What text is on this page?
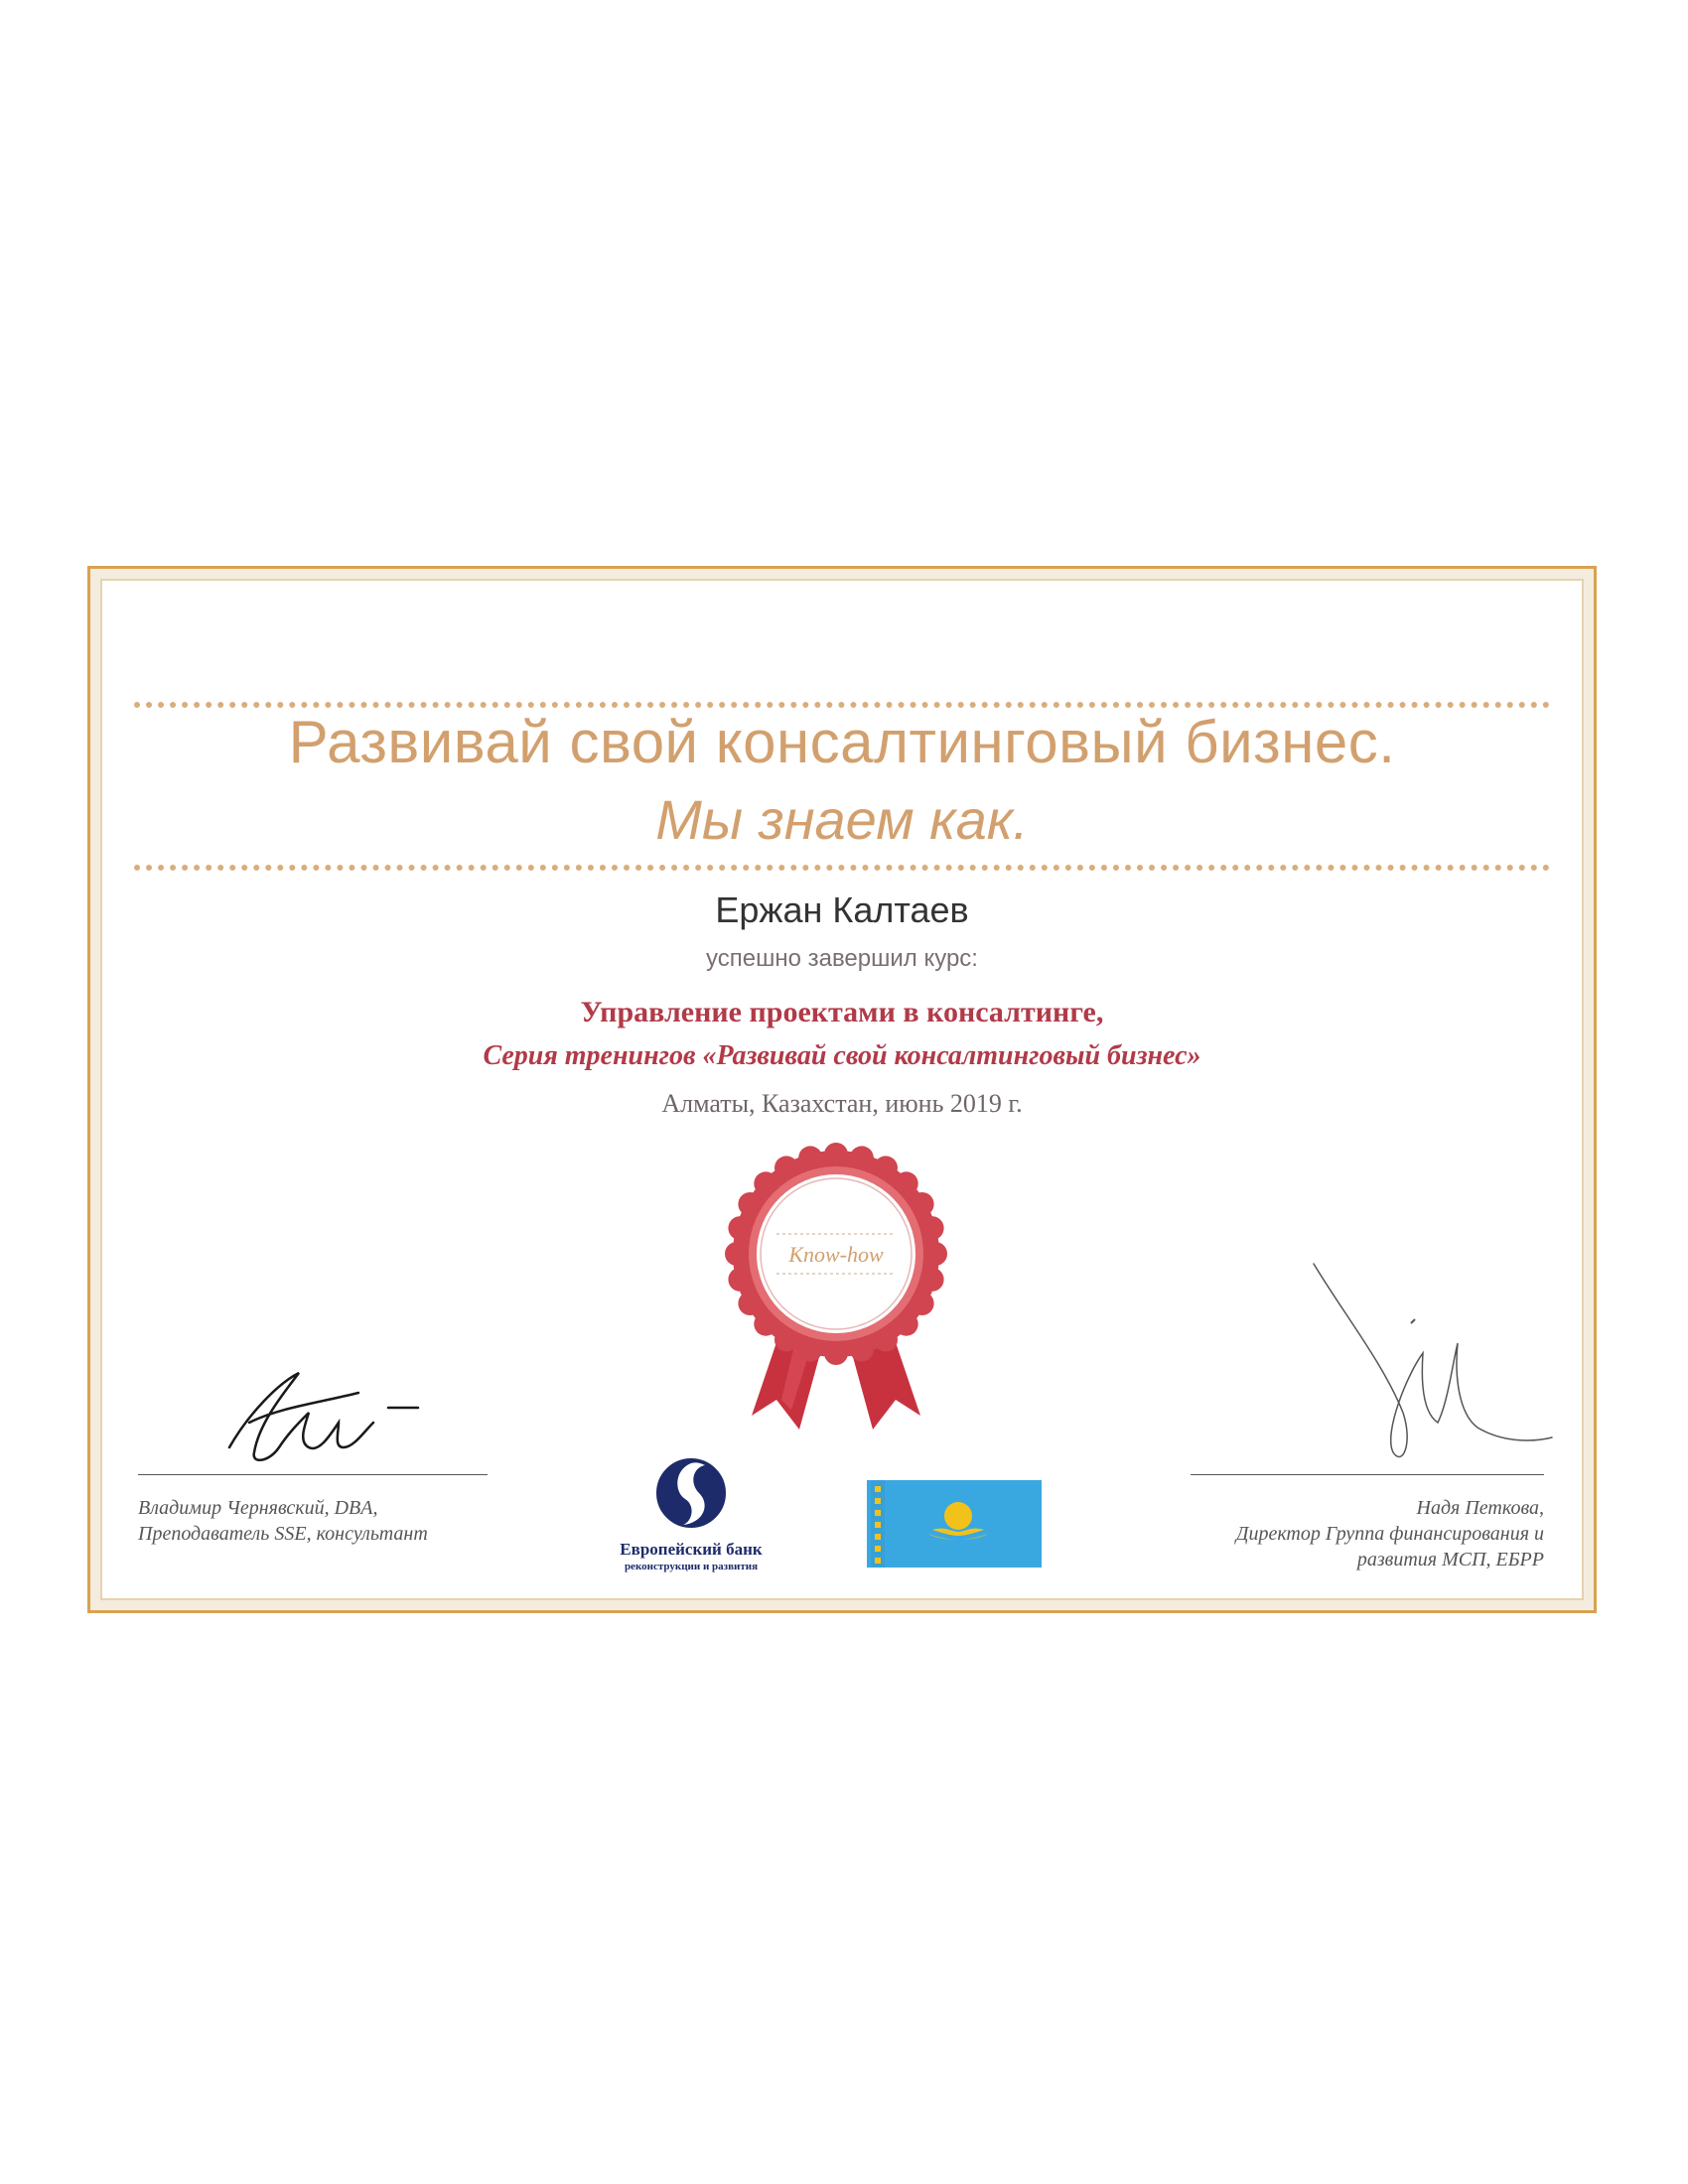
Развивай свой консалтинговый бизнес.
Мы знаем как.
Ержан Калтаев
успешно завершил курс:
Управление проектами в консалтинге,
Серия тренингов «Развивай свой консалтинговый бизнес»
Алматы, Казахстан, июнь 2019 г.
Know-how
Владимир Чернявский, DBA,
Преподаватель SSE, консультант
Надя Петкова,
Директор Группа финансирования и
развития МСП, ЕБРР
Европейский банк
реконструкции и развития
